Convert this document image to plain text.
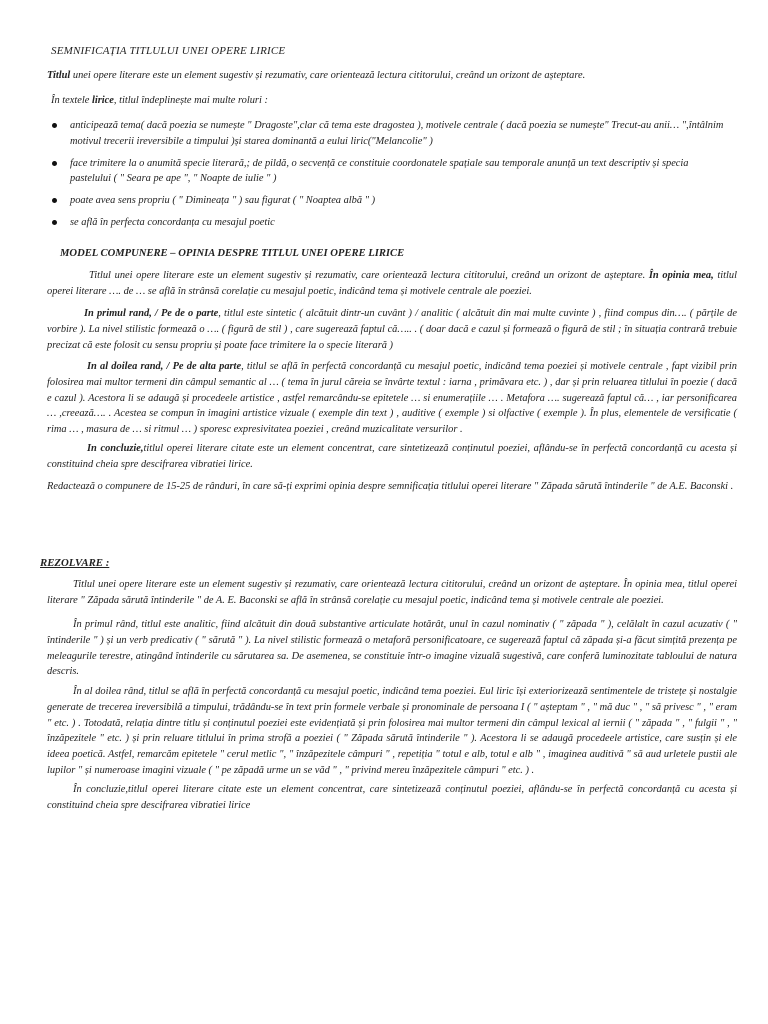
SEMNIFICAȚIA TITLULUI UNEI OPERE LIRICE

Titlul unei opere literare este un element sugestiv și rezumativ, care orientează lectura cititorului, creând un orizont de așteptare.

În textele lirice, titlul îndeplinește mai multe roluri :

anticipează tema( dacă poezia se numește " Dragoste",clar că tema este dragostea ), motivele centrale ( dacă poezia se numește" Trecut-au anii… ",întâlnim motivul trecerii ireversibile a timpului )și starea dominantă a eului liric("Melancolie" )
face trimitere la o anumită specie literară,; de pildă, o secvență ce constituie coordonatele spațiale sau temporale anunță un text descriptiv și specia pastelului ( " Seara pe ape ", " Noapte de iulie " )
poate avea sens propriu ( " Dimineața " ) sau figurat ( " Noaptea albă " )
se află în perfecta concordanța cu mesajul poetic
MODEL COMPUNERE – OPINIA DESPRE TITLUL UNEI OPERE LIRICE

Titlul unei opere literare este un element sugestiv și rezumativ, care orientează lectura cititorului, creând un orizont de așteptare. În opinia mea, titlul operei literare …. de … se află în strânsă corelație cu mesajul poetic, indicând tema și motivele centrale ale poeziei.

In primul rand, / Pe de o parte, titlul este sintetic ( alcătuit dintr-un cuvânt ) / analitic ( alcătuit din mai multe cuvinte ) , fiind compus din…. ( părțile de vorbire ). La nivel stilistic formează o …. ( figură de stil ) , care sugerează faptul că….. . ( doar dacă e cazul și formează o figură de stil ; în situația contrară trebuie precizat că este folosit cu sensu propriu și poate face trimitere la o specie literară )

In al doilea rand, / Pe de alta parte, titlul se află în perfectă concordanță cu mesajul poetic, indicând tema poeziei și motivele centrale , fapt vizibil prin folosirea mai multor termeni din câmpul semantic al … ( tema în jurul căreia se învârte textul : iarna , primăvara etc. ) , dar și prin reluarea titlului în poezie ( dacă e cazul ). Acestora li se adaugă și procedeele artistice , astfel remarcându-se epitetele … si enumerațiile … . Metafora …. sugerează faptul că… , iar personificarea … ,creează…. . Acestea se compun în imagini artistice vizuale ( exemple din text ) , auditive ( exemple ) si olfactive ( exemple ). În plus, elementele de versificatie ( rima … , masura de … si ritmul … ) sporesc expresivitatea poeziei , creând muzicalitate versurilor .

In concluzie,titlul operei literare citate este un element concentrat, care sintetizează conținutul poeziei, aflându-se în perfectă concordanță cu acesta și constituind cheia spre descifrarea vibratiei lirice.

Redactează o compunere de 15-25 de rânduri, în care să-ți exprimi opinia despre semnificația titlului operei literare " Zăpada sărută întinderile " de A.E. Baconski .

REZOLVARE :

Titlul unei opere literare este un element sugestiv și rezumativ, care orientează lectura cititorului, creând un orizont de așteptare. În opinia mea, titlul operei literare " Zăpada sărută întinderile " de A. E. Baconski se află în strânsă corelație cu mesajul poetic, indicând tema și motivele centrale ale poeziei.

În primul rând, titlul este analitic, fiind alcătuit din două substantive articulate hotărât, unul în cazul nominativ ( " zăpada " ), celălalt în cazul acuzativ ( " întinderile " ) și un verb predicativ ( " sărută " ). La nivel stilistic formează o metaforă personificatoare, ce sugerează faptul că zăpada și-a făcut simțită prezența pe meleagurile terestre, atingând întinderile cu sărutarea sa. De asemenea, se constituie într-o imagine vizuală sugestivă, care conferă luminozitate tabloului de natura descris.

În al doilea rând, titlul se află în perfectă concordanță cu mesajul poetic, indicând tema poeziei. Eul liric își exteriorizează sentimentele de tristețe și nostalgie generate de trecerea ireversibilă a timpului, trădându-se în text prin formele verbale și pronominale de persoana I ( " așteptam " , " mă duc " , " să privesc " , " eram " etc. ) . Totodată, relația dintre titlu și conținutul poeziei este evidențiată și prin folosirea mai multor termeni din câmpul lexical al iernii ( " zăpada " , " fulgii " , " înzăpezitele " etc. ) și prin reluare titlului în prima strofă a poeziei ( " Zăpada sărută întinderile " ). Acestora li se adaugă procedeele artistice, care susțin și ele ideea poetică. Astfel, remarcăm epitetele " cerul metlic ", " înzăpezitele câmpuri " , repetiția " totul e alb, totul e alb " , imaginea auditivă " să aud urletele pustii ale lupilor " și numeroase imagini vizuale ( " pe zăpadă urme un se văd " , " privind mereu înzăpezitele câmpuri " etc. ) .

În concluzie,titlul operei literare citate este un element concentrat, care sintetizează conținutul poeziei, aflându-se în perfectă concordanță cu acesta și constituind cheia spre descifrarea vibratiei lirice
